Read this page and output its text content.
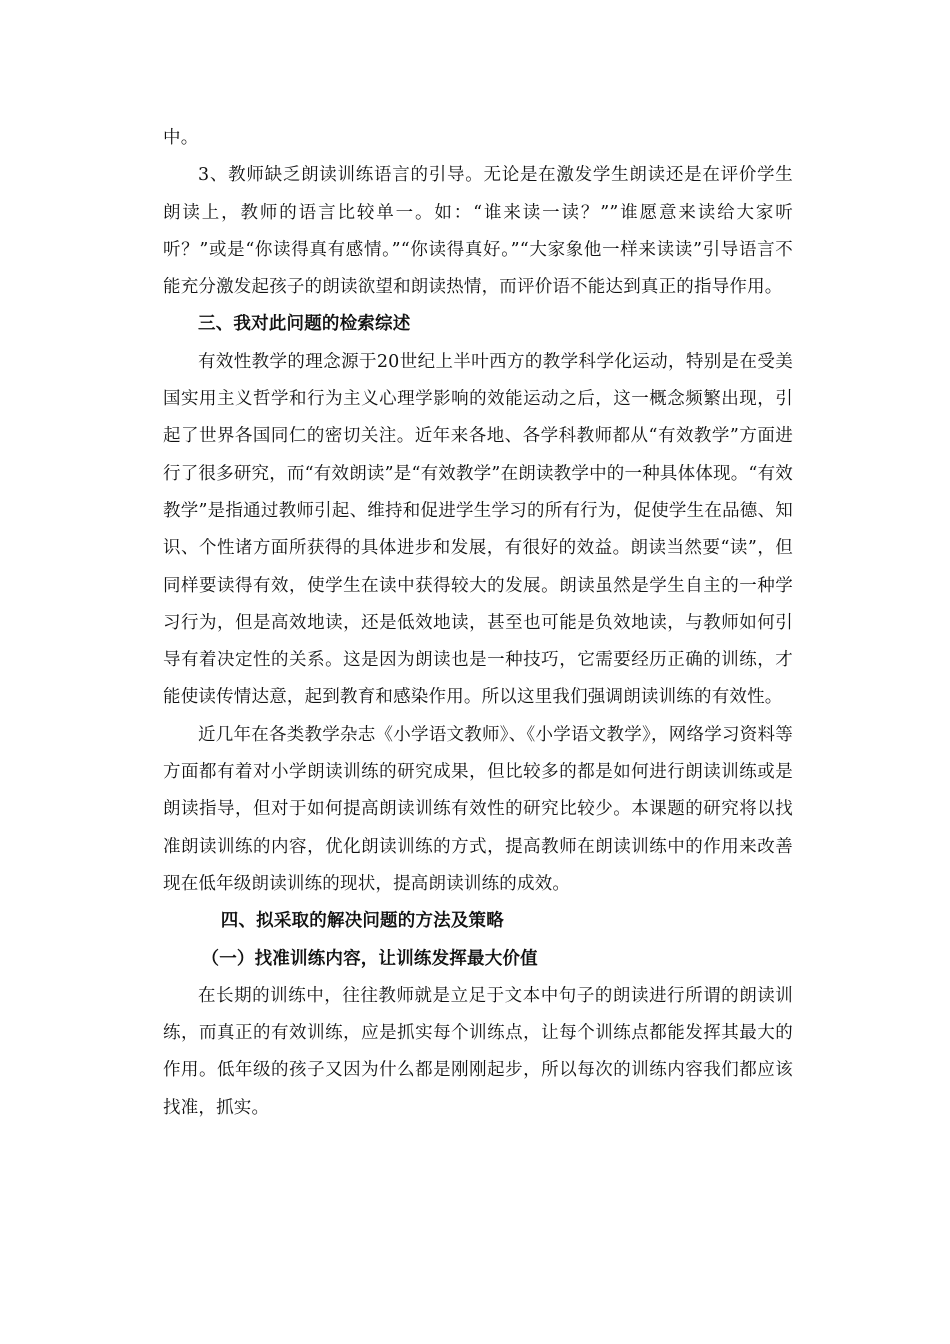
中。

3、教师缺乏朗读训练语言的引导。无论是在激发学生朗读还是在评价学生朗读上，教师的语言比较单一。如：“谁来读一读？””谁愿意来读给大家听听？”或是“你读得真有感情。”“你读得真好。”“大家象他一样来读读”引导语言不能充分激发起孩子的朗读欲望和朗读热情，而评价语不能达到真正的指导作用。

三、我对此问题的检索综述

有效性教学的理念源于20世纪上半叶西方的教学科学化运动，特别是在受美国实用主义哲学和行为主义心理学影响的效能运动之后，这一概念频繁出现，引起了世界各国同仁的密切关注。近年来各地、各学科教师都从“有效教学”方面进行了很多研究，而“有效朗读”是“有效教学”在朗读教学中的一种具体体现。“有效教学”是指通过教师引起、维持和促进学生学习的所有行为，促使学生在品德、知识、个性诸方面所获得的具体进步和发展，有很好的效益。朗读当然要“读”，但同样要读得有效，使学生在读中获得较大的发展。朗读虽然是学生自主的一种学习行为，但是高效地读，还是低效地读，甚至也可能是负效地读，与教师如何引导有着决定性的关系。这是因为朗读也是一种技巧，它需要经历正确的训练，才能使读传情达意，起到教育和感染作用。所以这里我们强调朗读训练的有效性。

近几年在各类教学杂志《小学语文教师》、《小学语文教学》，网络学习资料等方面都有着对小学朗读训练的研究成果，但比较多的都是如何进行朗读训练或是朗读指导，但对于如何提高朗读训练有效性的研究比较少。本课题的研究将以找准朗读训练的内容，优化朗读训练的方式，提高教师在朗读训练中的作用来改善现在低年级朗读训练的现状，提高朗读训练的成效。

四、拟采取的解决问题的方法及策略

（一）找准训练内容，让训练发挥最大价值

在长期的训练中，往往教师就是立足于文本中句子的朗读进行所谓的朗读训练，而真正的有效训练，应是抓实每个训练点，让每个训练点都能发挥其最大的作用。低年级的孩子又因为什么都是刚刚起步，所以每次的训练内容我们都应该找准，抓实。
